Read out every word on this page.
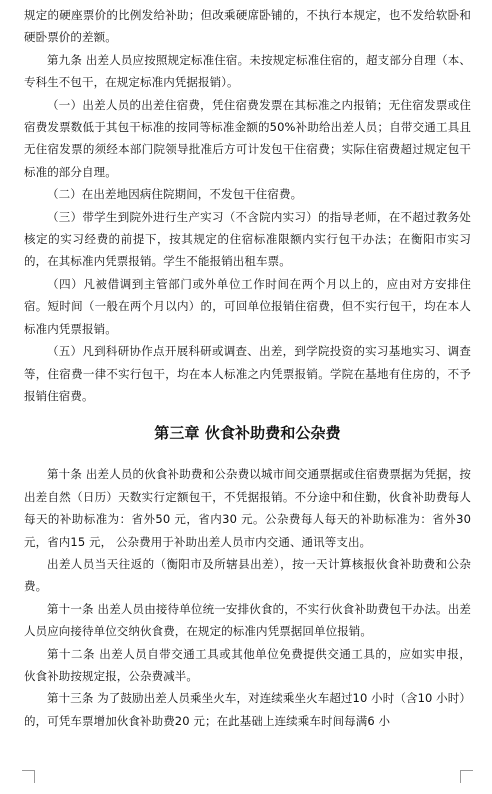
规定的硬座票价的比例发给补助；但改乘硬席卧铺的，不执行本规定，也不发给软卧和硬卧票价的差额。

第九条 出差人员应按照规定标准住宿。未按规定标准住宿的，超支部分自理（本、专科生不包干，在规定标准内凭据报销）。

（一）出差人员的出差住宿费，凭住宿费发票在其标准之内报销；无住宿发票或住宿费发票数低于其包干标准的按同等标准金额的50%补助给出差人员；自带交通工具且无住宿发票的须经本部门院领导批准后方可计发包干住宿费；实际住宿费超过规定包干标准的部分自理。

（二）在出差地因病住院期间，不发包干住宿费。

（三）带学生到院外进行生产实习（不含院内实习）的指导老师，在不超过教务处核定的实习经费的前提下，按其规定的住宿标准限额内实行包干办法；在衡阳市实习的，在其标准内凭票报销。学生不能报销出租车票。

（四）凡被借调到主管部门或外单位工作时间在两个月以上的，应由对方安排住宿。短时间（一般在两个月以内）的，可回单位报销住宿费，但不实行包干，均在本人标准内凭票报销。

（五）凡到科研协作点开展科研或调查、出差，到学院投资的实习基地实习、调查等，住宿费一律不实行包干，均在本人标准之内凭票报销。学院在基地有住房的，不予报销住宿费。

第三章 伙食补助费和公杂费

第十条 出差人员的伙食补助费和公杂费以城市间交通票据或住宿费票据为凭据，按出差自然（日历）天数实行定额包干，不凭据报销。不分途中和住勤，伙食补助费每人每天的补助标准为：省外50 元，省内30 元。公杂费每人每天的补助标准为：省外30 元，省内15 元， 公杂费用于补助出差人员市内交通、通讯等支出。

出差人员当天往返的（衡阳市及所辖县出差），按一天计算核报伙食补助费和公杂费。

第十一条 出差人员由接待单位统一安排伙食的，不实行伙食补助费包干办法。出差人员应向接待单位交纳伙食费，在规定的标准内凭票据回单位报销。

第十二条 出差人员自带交通工具或其他单位免费提供交通工具的，应如实申报， 伙食补助按规定报，公杂费减半。

第十三条 为了鼓励出差人员乘坐火车，对连续乘坐火车超过10 小时（含10 小时）的，可凭车票增加伙食补助费20 元；在此基础上连续乘车时间每满6 小
